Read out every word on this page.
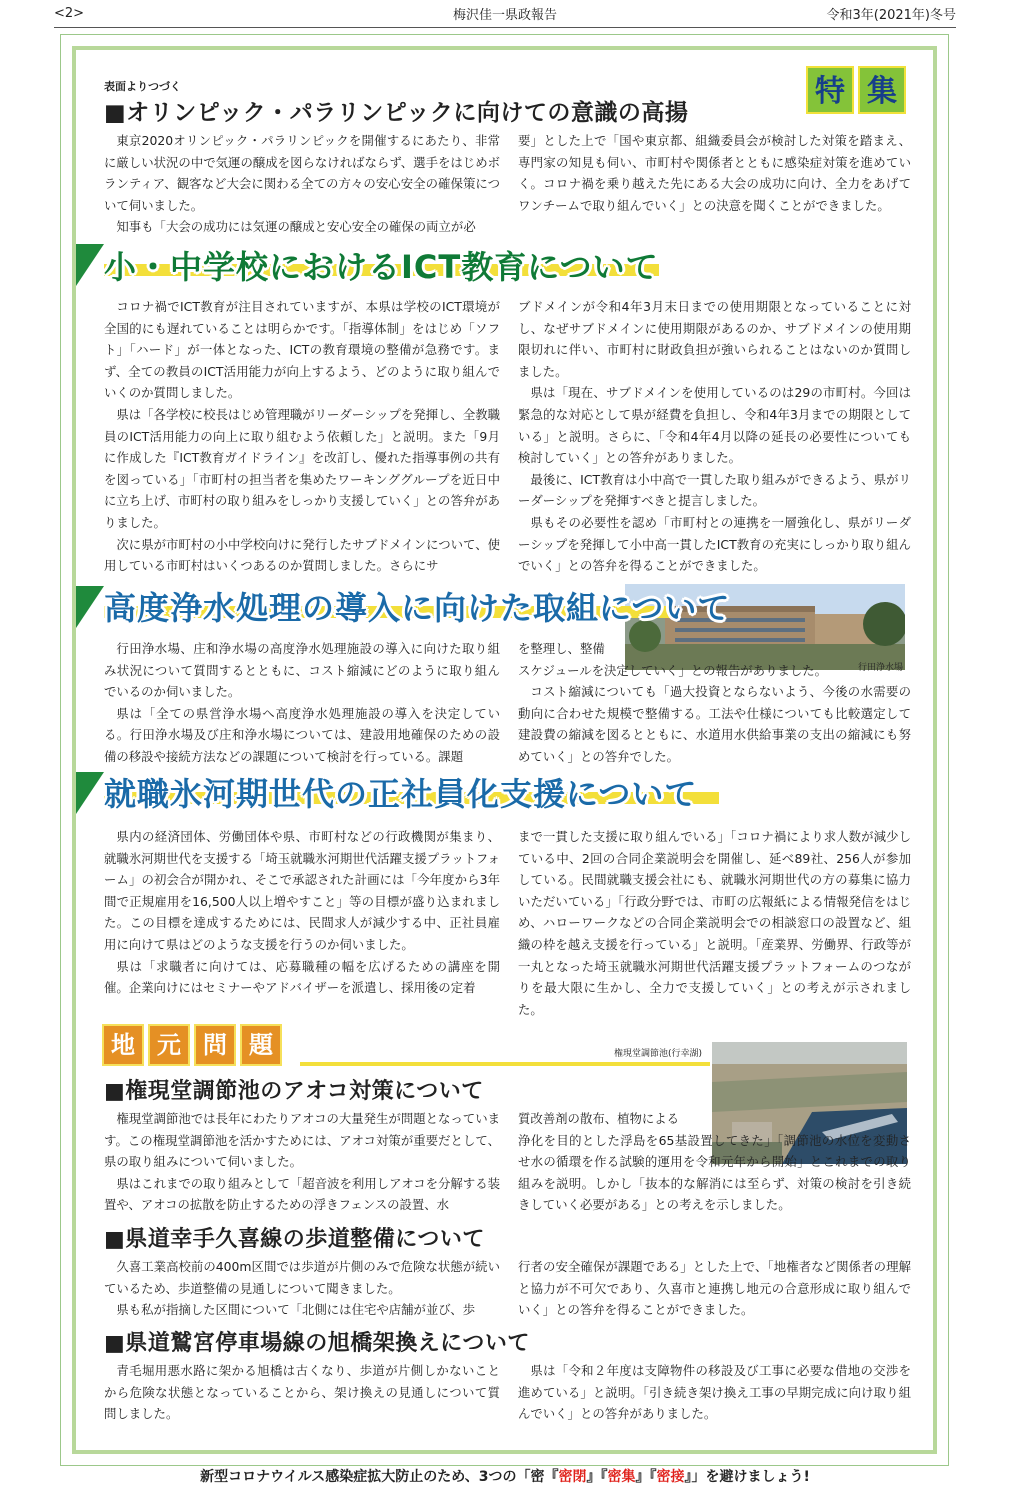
<2>	梅沢佳一県政報告	令和3年(2021年)冬号
特 集
表面よりつづく
■オリンピック・パラリンピックに向けての意識の高揚

東京2020オリンピック・パラリンピックを開催するにあたり、非常に厳しい状況の中で気運の醸成を図らなければならず、選手をはじめボランティア、観客など大会に関わる全ての方々の安心安全の確保策について伺いました。

知事も「大会の成功には気運の醸成と安心安全の確保の両立が必

要」とした上で「国や東京都、組織委員会が検討した対策を踏まえ、専門家の知見も伺い、市町村や関係者とともに感染症対策を進めていく。コロナ禍を乗り越えた先にある大会の成功に向け、全力をあげてワンチームで取り組んでいく」との決意を聞くことができました。

小・中学校におけるICT教育について

コロナ禍でICT教育が注目されていますが、本県は学校のICT環境が全国的にも遅れていることは明らかです。「指導体制」をはじめ「ソフト」「ハード」が一体となった、ICTの教育環境の整備が急務です。まず、全ての教員のICT活用能力が向上するよう、どのように取り組んでいくのか質問しました。

県は「各学校に校長はじめ管理職がリーダーシップを発揮し、全教職員のICT活用能力の向上に取り組むよう依頼した」と説明。また「9月に作成した『ICT教育ガイドライン』を改訂し、優れた指導事例の共有を図っている」「市町村の担当者を集めたワーキンググループを近日中に立ち上げ、市町村の取り組みをしっかり支援していく」との答弁がありました。

次に県が市町村の小中学校向けに発行したサブドメインについて、使用している市町村はいくつあるのか質問しました。さらにサ

ブドメインが令和4年3月末日までの使用期限となっていることに対し、なぜサブドメインに使用期限があるのか、サブドメインの使用期限切れに伴い、市町村に財政負担が強いられることはないのか質問しました。

県は「現在、サブドメインを使用しているのは29の市町村。今回は緊急的な対応として県が経費を負担し、令和4年3月までの期限としている」と説明。さらに、「令和4年4月以降の延長の必要性についても検討していく」との答弁がありました。

最後に、ICT教育は小中高で一貫した取り組みができるよう、県がリーダーシップを発揮すべきと提言しました。

県もその必要性を認め「市町村との連携を一層強化し、県がリーダーシップを発揮して小中高一貫したICT教育の充実にしっかり取り組んでいく」との答弁を得ることができました。

行田浄水場
高度浄水処理の導入に向けた取組について

行田浄水場、庄和浄水場の高度浄水処理施設の導入に向けた取り組み状況について質問するとともに、コスト縮減にどのように取り組んでいるのか伺いました。

県は「全ての県営浄水場へ高度浄水処理施設の導入を決定している。行田浄水場及び庄和浄水場については、建設用地確保のための設備の移設や接続方法などの課題について検討を行っている。課題

を整理し、整備

スケジュールを決定していく」との報告がありました。

コスト縮減についても「過大投資とならないよう、今後の水需要の動向に合わせた規模で整備する。工法や仕様についても比較選定して建設費の縮減を図るとともに、水道用水供給事業の支出の縮減にも努めていく」との答弁でした。

就職氷河期世代の正社員化支援について

県内の経済団体、労働団体や県、市町村などの行政機関が集まり、就職氷河期世代を支援する「埼玉就職氷河期世代活躍支援プラットフォーム」の初会合が開かれ、そこで承認された計画には「今年度から3年間で正規雇用を16,500人以上増やすこと」等の目標が盛り込まれました。この目標を達成するためには、民間求人が減少する中、正社員雇用に向けて県はどのような支援を行うのか伺いました。

県は「求職者に向けては、応募職種の幅を広げるための講座を開催。企業向けにはセミナーやアドバイザーを派遣し、採用後の定着

まで一貫した支援に取り組んでいる」「コロナ禍により求人数が減少している中、2回の合同企業説明会を開催し、延べ89社、256人が参加している。民間就職支援会社にも、就職氷河期世代の方の募集に協力いただいている」「行政分野では、市町の広報紙による情報発信をはじめ、ハローワークなどの合同企業説明会での相談窓口の設置など、組織の枠を越え支援を行っている」と説明。「産業界、労働界、行政等が一丸となった埼玉就職氷河期世代活躍支援プラットフォームのつながりを最大限に生かし、全力で支援していく」との考えが示されました。

地 元 問 題	権現堂調節池(行幸湖)
■権現堂調節池のアオコ対策について

権現堂調節池では長年にわたりアオコの大量発生が問題となっています。この権現堂調節池を活かすためには、アオコ対策が重要だとして、県の取り組みについて伺いました。

県はこれまでの取り組みとして「超音波を利用しアオコを分解する装置や、アオコの拡散を防止するための浮きフェンスの設置、水

質改善剤の散布、植物による

浄化を目的とした浮島を65基設置してきた」「調節池の水位を変動させ水の循環を作る試験的運用を令和元年から開始」とこれまでの取り組みを説明。しかし「抜本的な解消には至らず、対策の検討を引き続きしていく必要がある」との考えを示しました。

■県道幸手久喜線の歩道整備について

久喜工業高校前の400m区間では歩道が片側のみで危険な状態が続いているため、歩道整備の見通しについて聞きました。

県も私が指摘した区間について「北側には住宅や店舗が並び、歩

行者の安全確保が課題である」とした上で、「地権者など関係者の理解と協力が不可欠であり、久喜市と連携し地元の合意形成に取り組んでいく」との答弁を得ることができました。

■県道鷲宮停車場線の旭橋架換えについて

青毛堀用悪水路に架かる旭橋は古くなり、歩道が片側しかないことから危険な状態となっていることから、架け換えの見通しについて質問しました。

県は「令和２年度は支障物件の移設及び工事に必要な借地の交渉を進めている」と説明。「引き続き架け換え工事の早期完成に向け取り組んでいく」との答弁がありました。

新型コロナウイルス感染症拡大防止のため、3つの「密『密閉』『密集』『密接』」を避けましょう!
